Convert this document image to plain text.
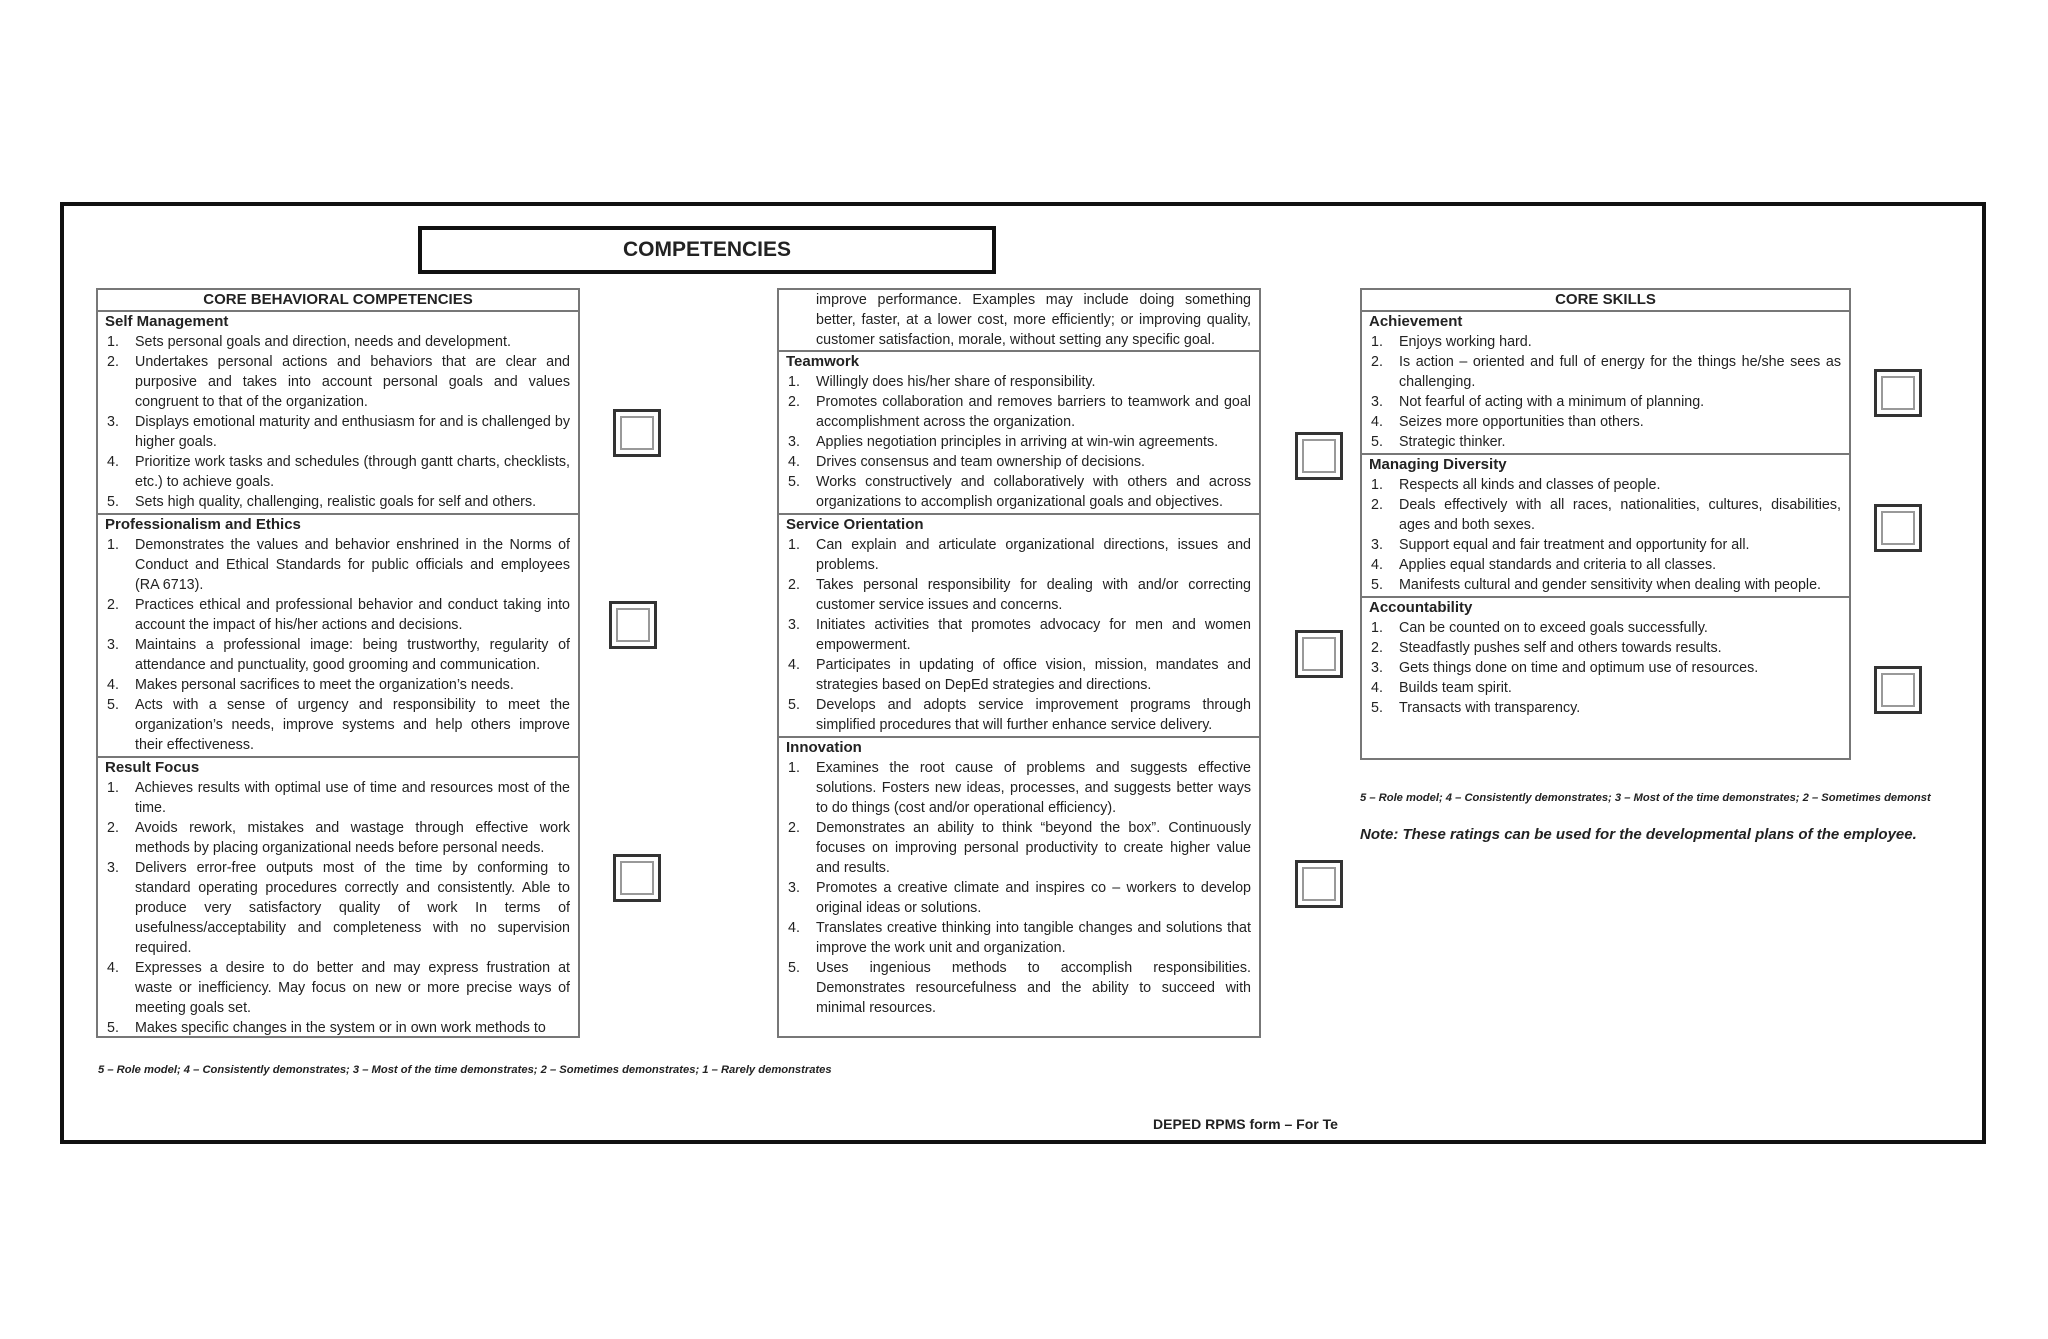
COMPETENCIES
CORE BEHAVIORAL COMPETENCIES
Self Management
1. Sets personal goals and direction, needs and development.
2. Undertakes personal actions and behaviors that are clear and purposive and takes into account personal goals and values congruent to that of the organization.
3. Displays emotional maturity and enthusiasm for and is challenged by higher goals.
4. Prioritize work tasks and schedules (through gantt charts, checklists, etc.) to achieve goals.
5. Sets high quality, challenging, realistic goals for self and others.
Professionalism and Ethics
1. Demonstrates the values and behavior enshrined in the Norms of Conduct and Ethical Standards for public officials and employees (RA 6713).
2. Practices ethical and professional behavior and conduct taking into account the impact of his/her actions and decisions.
3. Maintains a professional image: being trustworthy, regularity of attendance and punctuality, good grooming and communication.
4. Makes personal sacrifices to meet the organization’s needs.
5. Acts with a sense of urgency and responsibility to meet the organization’s needs, improve systems and help others improve their effectiveness.
Result Focus
1. Achieves results with optimal use of time and resources most of the time.
2. Avoids rework, mistakes and wastage through effective work methods by placing organizational needs before personal needs.
3. Delivers error-free outputs most of the time by conforming to standard operating procedures correctly and consistently. Able to produce very satisfactory quality of work In terms of usefulness/acceptability and completeness with no supervision required.
4. Expresses a desire to do better and may express frustration at waste or inefficiency. May focus on new or more precise ways of meeting goals set.
5. Makes specific changes in the system or in own work methods to
improve performance. Examples may include doing something better, faster, at a lower cost, more efficiently; or improving quality, customer satisfaction, morale, without setting any specific goal.
Teamwork
1. Willingly does his/her share of responsibility.
2. Promotes collaboration and removes barriers to teamwork and goal accomplishment across the organization.
3. Applies negotiation principles in arriving at win-win agreements.
4. Drives consensus and team ownership of decisions.
5. Works constructively and collaboratively with others and across organizations to accomplish organizational goals and objectives.
Service Orientation
1. Can explain and articulate organizational directions, issues and problems.
2. Takes personal responsibility for dealing with and/or correcting customer service issues and concerns.
3. Initiates activities that promotes advocacy for men and women empowerment.
4. Participates in updating of office vision, mission, mandates and strategies based on DepEd strategies and directions.
5. Develops and adopts service improvement programs through simplified procedures that will further enhance service delivery.
Innovation
1. Examines the root cause of problems and suggests effective solutions. Fosters new ideas, processes, and suggests better ways to do things (cost and/or operational efficiency).
2. Demonstrates an ability to think “beyond the box”. Continuously focuses on improving personal productivity to create higher value and results.
3. Promotes a creative climate and inspires co – workers to develop original ideas or solutions.
4. Translates creative thinking into tangible changes and solutions that improve the work unit and organization.
5. Uses ingenious methods to accomplish responsibilities. Demonstrates resourcefulness and the ability to succeed with minimal resources.
CORE SKILLS
Achievement
1. Enjoys working hard.
2. Is action – oriented and full of energy for the things he/she sees as challenging.
3. Not fearful of acting with a minimum of planning.
4. Seizes more opportunities than others.
5. Strategic thinker.
Managing Diversity
1. Respects all kinds and classes of people.
2. Deals effectively with all races, nationalities, cultures, disabilities, ages and both sexes.
3. Support equal and fair treatment and opportunity for all.
4. Applies equal standards and criteria to all classes.
5. Manifests cultural and gender sensitivity when dealing with people.
Accountability
1. Can be counted on to exceed goals successfully.
2. Steadfastly pushes self and others towards results.
3. Gets things done on time and optimum use of resources.
4. Builds team spirit.
5. Transacts with transparency.
5 – Role model; 4 – Consistently demonstrates; 3 – Most of the time demonstrates; 2 – Sometimes demonstrates; 1 – Rarely demonstrates
5 – Role model; 4 – Consistently demonstrates; 3 – Most of the time demonstrates; 2 – Sometimes demonst
Note: These ratings can be used for the developmental plans of the employee.
DEPED RPMS form – For Te
